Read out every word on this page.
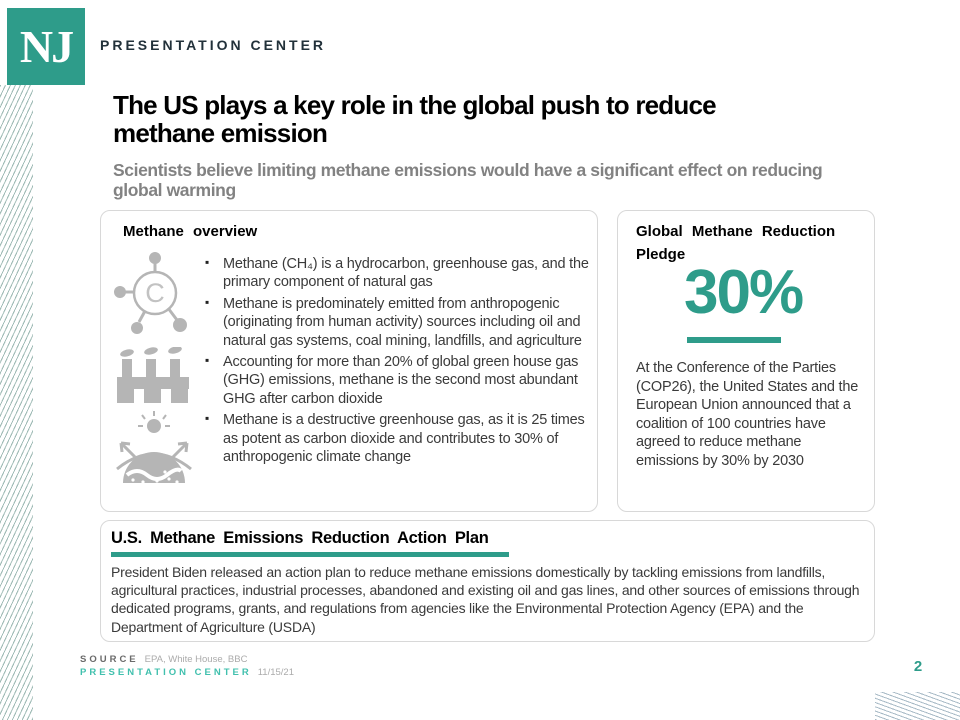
NJ PRESENTATION CENTER
The US plays a key role in the global push to reduce methane emission
Scientists believe limiting methane emissions would have a significant effect on reducing global warming
Methane overview
C
▪ Methane (CH₄) is a hydrocarbon, greenhouse gas, and the primary component of natural gas
▪ Methane is predominately emitted from anthropogenic (originating from human activity) sources including oil and natural gas systems, coal mining, landfills, and agriculture
▪ Accounting for more than 20% of global green house gas (GHG) emissions, methane is the second most abundant GHG after carbon dioxide
▪ Methane is a destructive greenhouse gas, as it is 25 times as potent as carbon dioxide and contributes to 30% of anthropogenic climate change
Global Methane Reduction Pledge
30%

At the Conference of the Parties (COP26), the United States and the European Union announced that a coalition of 100 countries have agreed to reduce methane emissions by 30% by 2030

U.S. Methane Emissions Reduction Action Plan

President Biden released an action plan to reduce methane emissions domestically by tackling emissions from landfills, agricultural practices, industrial processes, abandoned and existing oil and gas lines, and other sources of emissions through dedicated programs, grants, and regulations from agencies like the Environmental Protection Agency (EPA) and the Department of Agriculture (USDA)

SOURCE EPA, White House, BBC
PRESENTATION CENTER 11/15/21	2
